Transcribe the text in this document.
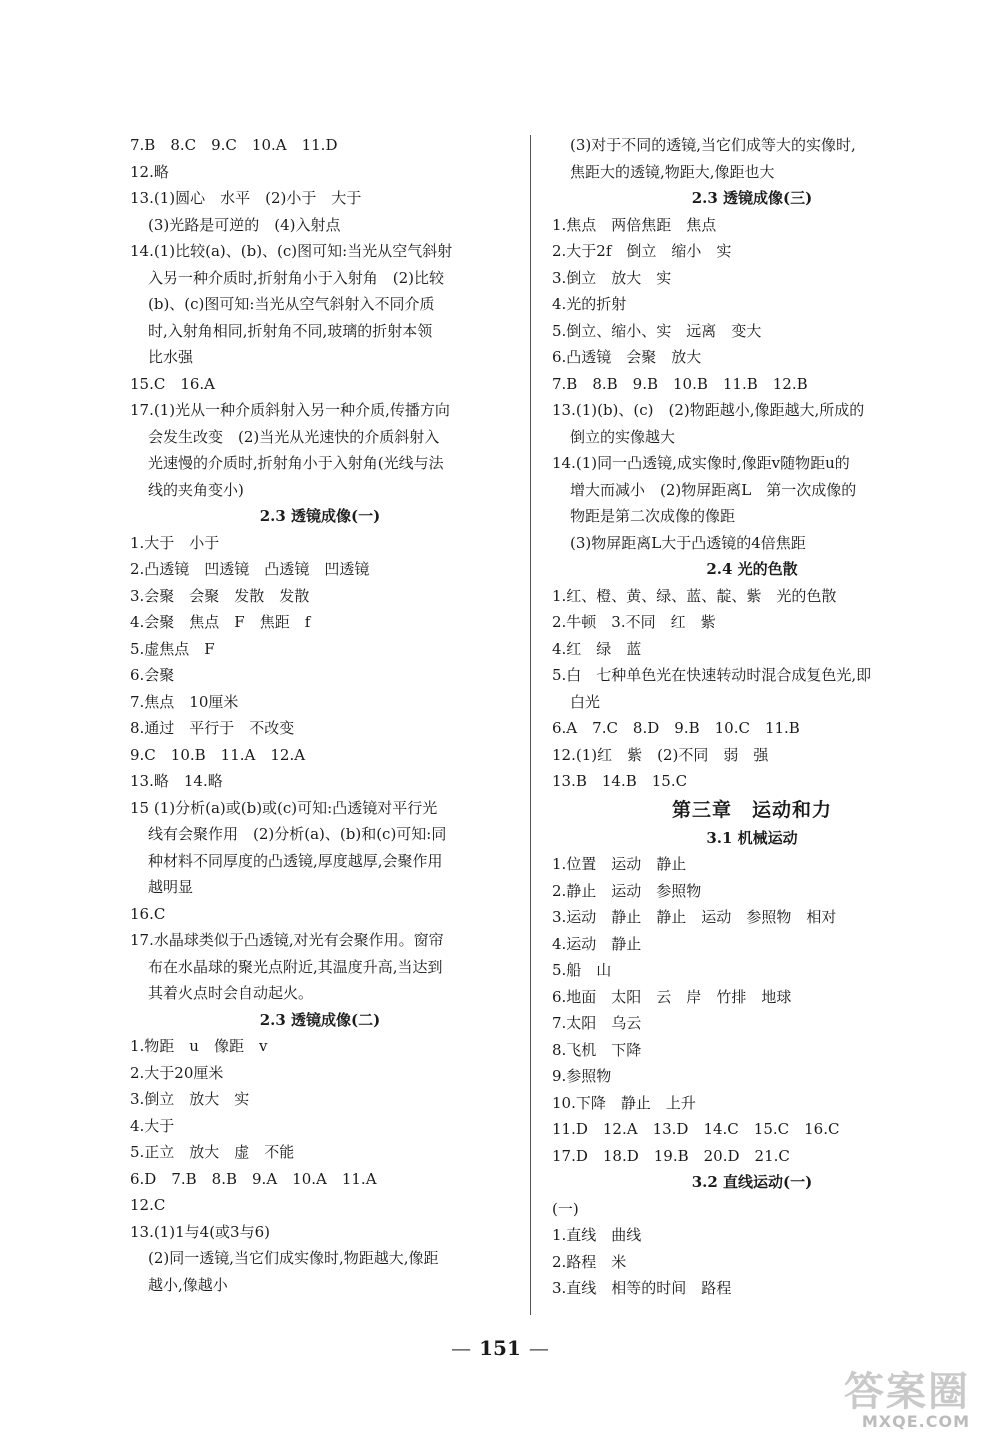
7.B　8.C　9.C　10.A　11.D
12.略
13.(1)圆心　水平　(2)小于　大于
(3)光路是可逆的　(4)入射点
14.(1)比较(a)、(b)、(c)图可知:当光从空气斜射
入另一种介质时,折射角小于入射角　(2)比较
(b)、(c)图可知:当光从空气斜射入不同介质
时,入射角相同,折射角不同,玻璃的折射本领
比水强
15.C　16.A
17.(1)光从一种介质斜射入另一种介质,传播方向
会发生改变　(2)当光从光速快的介质斜射入
光速慢的介质时,折射角小于入射角(光线与法
线的夹角变小)
2.3 透镜成像(一)
1.大于　小于
2.凸透镜　凹透镜　凸透镜　凹透镜
3.会聚　会聚　发散　发散
4.会聚　焦点　F　焦距　f
5.虚焦点　F
6.会聚
7.焦点　10厘米
8.通过　平行于　不改变
9.C　10.B　11.A　12.A
13.略　14.略
15 (1)分析(a)或(b)或(c)可知:凸透镜对平行光
线有会聚作用　(2)分析(a)、(b)和(c)可知:同
种材料不同厚度的凸透镜,厚度越厚,会聚作用
越明显
16.C
17.水晶球类似于凸透镜,对光有会聚作用。窗帘
布在水晶球的聚光点附近,其温度升高,当达到
其着火点时会自动起火。
2.3 透镜成像(二)
1.物距　u　像距　v
2.大于20厘米
3.倒立　放大　实
4.大于
5.正立　放大　虚　不能
6.D　7.B　8.B　9.A　10.A　11.A
12.C
13.(1)1与4(或3与6)
(2)同一透镜,当它们成实像时,物距越大,像距
越小,像越小
(3)对于不同的透镜,当它们成等大的实像时,
焦距大的透镜,物距大,像距也大
2.3 透镜成像(三)
1.焦点　两倍焦距　焦点
2.大于2f　倒立　缩小　实
3.倒立　放大　实
4.光的折射
5.倒立、缩小、实　远离　变大
6.凸透镜　会聚　放大
7.B　8.B　9.B　10.B　11.B　12.B
13.(1)(b)、(c)　(2)物距越小,像距越大,所成的
倒立的实像越大
14.(1)同一凸透镜,成实像时,像距v随物距u的
增大而减小　(2)物屏距离L　第一次成像的
物距是第二次成像的像距
(3)物屏距离L大于凸透镜的4倍焦距
2.4 光的色散
1.红、橙、黄、绿、蓝、靛、紫　光的色散
2.牛顿　3.不同　红　紫
4.红　绿　蓝
5.白　七种单色光在快速转动时混合成复色光,即
白光
6.A　7.C　8.D　9.B　10.C　11.B
12.(1)红　紫　(2)不同　弱　强
13.B　14.B　15.C
第三章　运动和力
3.1 机械运动
1.位置　运动　静止
2.静止　运动　参照物
3.运动　静止　静止　运动　参照物　相对
4.运动　静止
5.船　山
6.地面　太阳　云　岸　竹排　地球
7.太阳　乌云
8.飞机　下降
9.参照物
10.下降　静止　上升
11.D　12.A　13.D　14.C　15.C　16.C
17.D　18.D　19.B　20.D　21.C
3.2 直线运动(一)
(一)
1.直线　曲线
2.路程　米
3.直线　相等的时间　路程
— 151 —
答案圈
MXQE.COM
